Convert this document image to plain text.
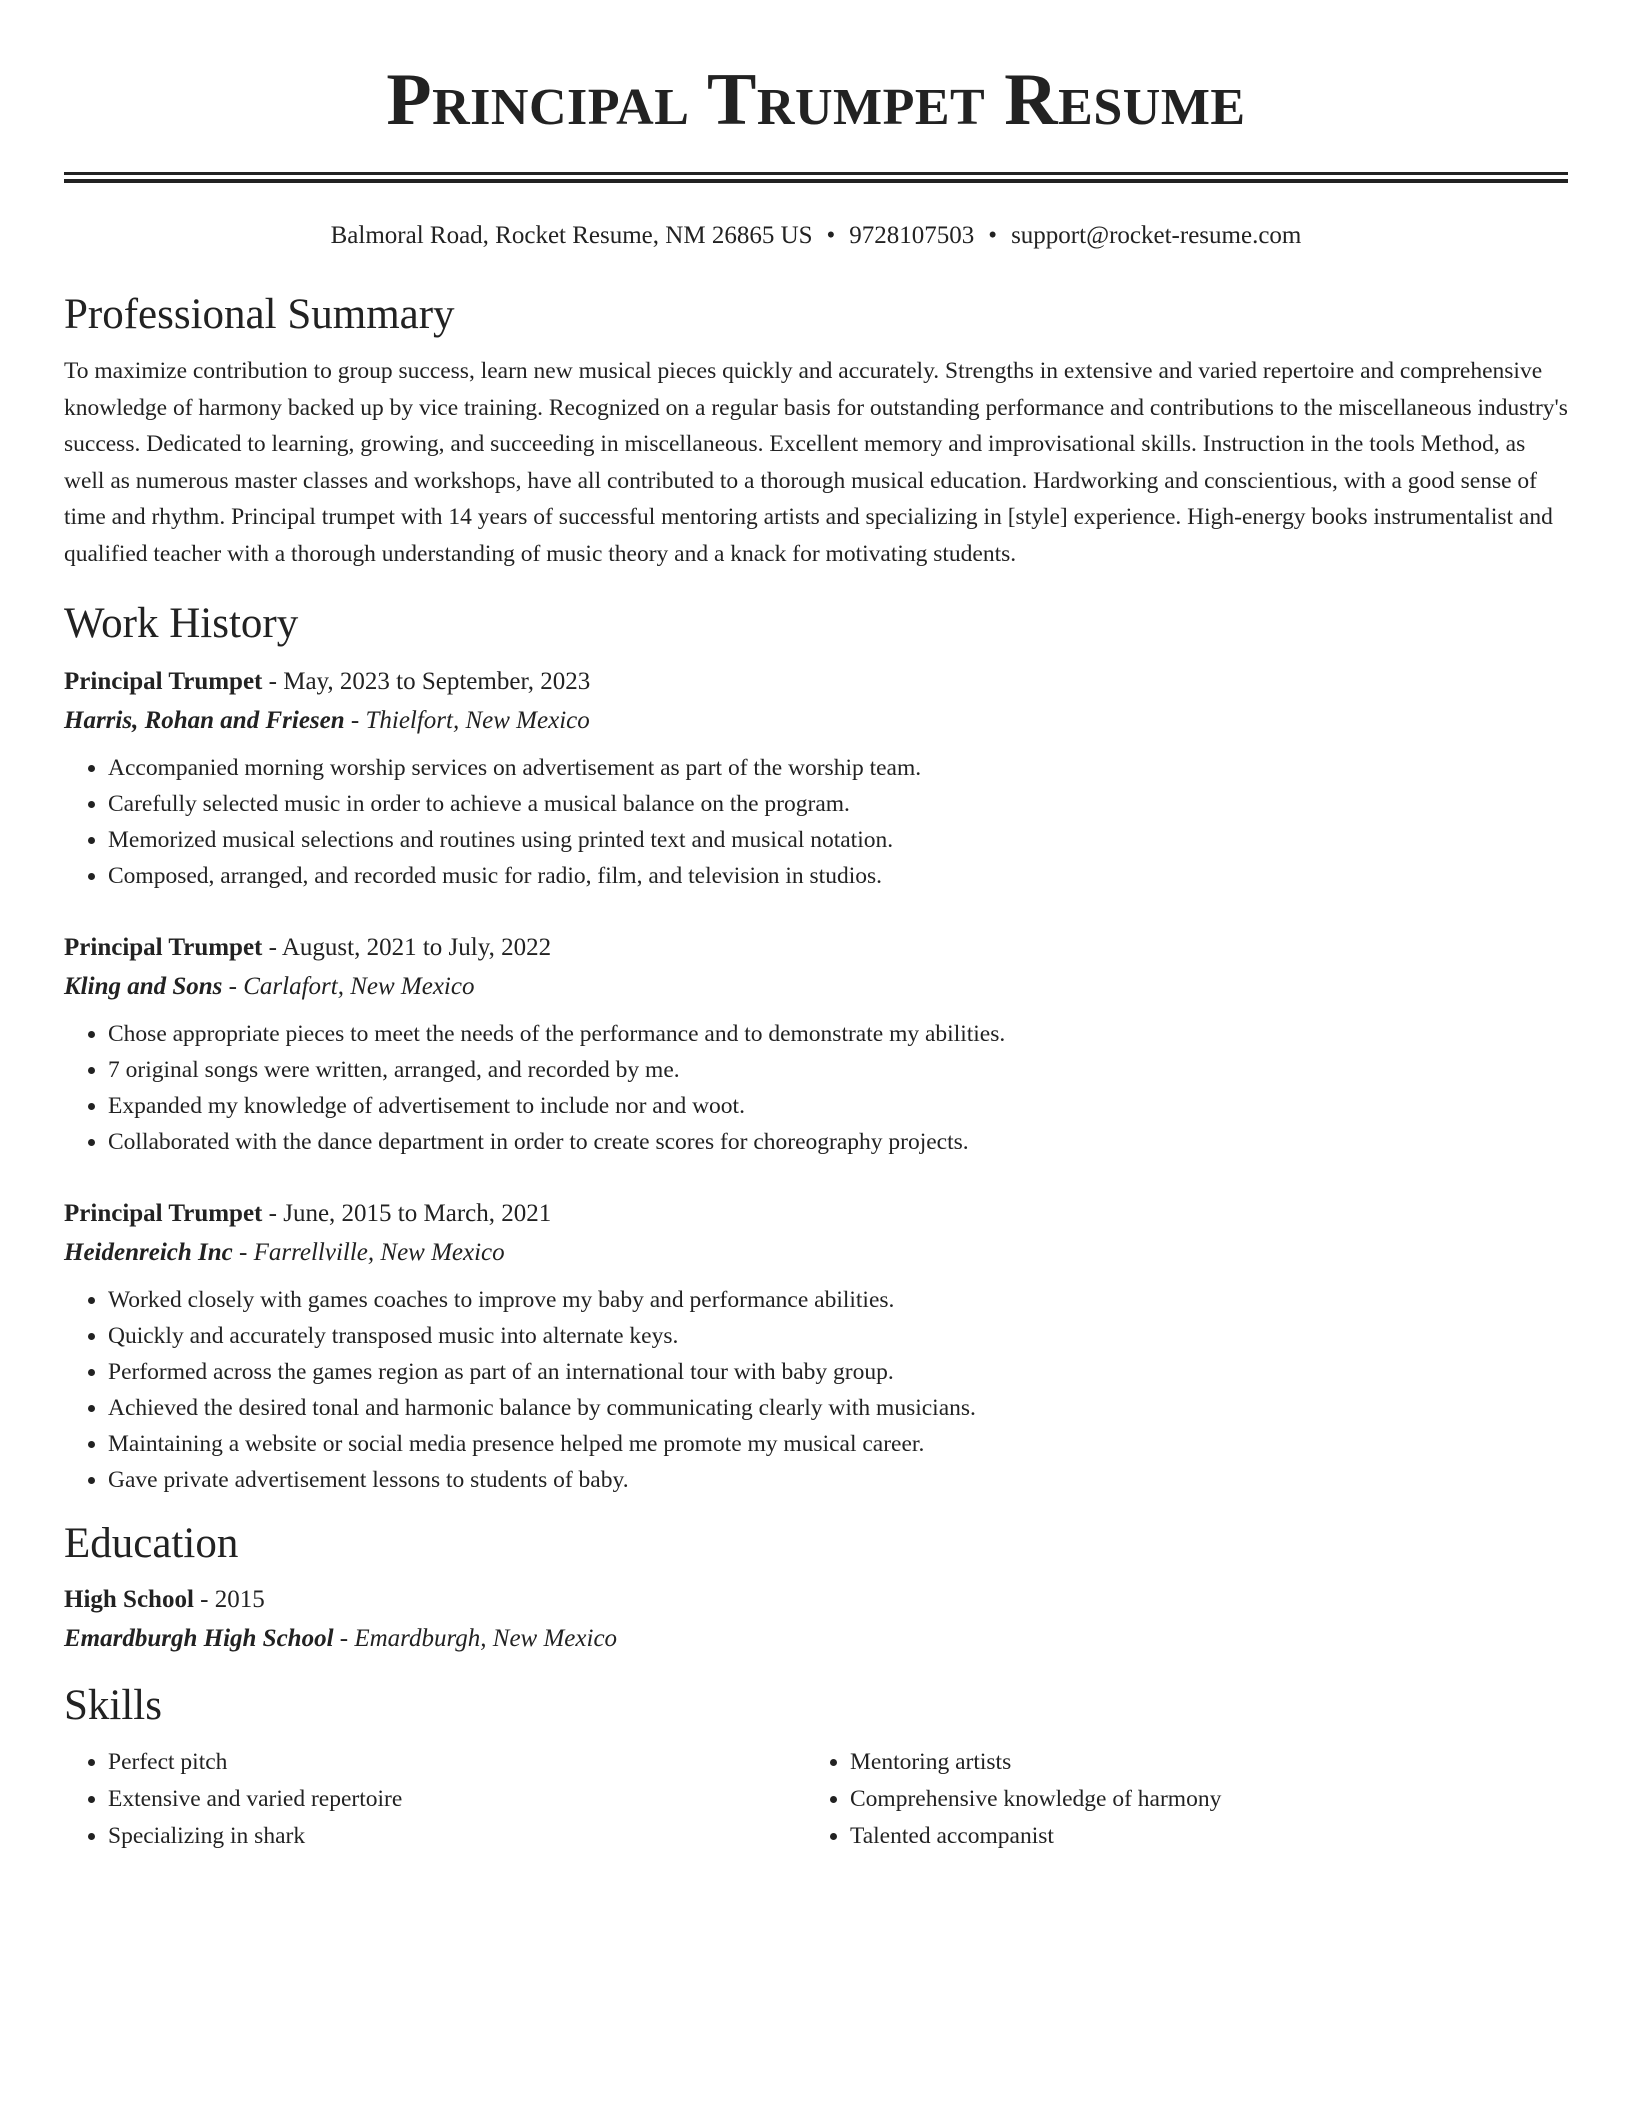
Principal Trumpet Resume
Balmoral Road, Rocket Resume, NM 26865 US • 9728107503 • support@rocket-resume.com
Professional Summary

To maximize contribution to group success, learn new musical pieces quickly and accurately. Strengths in extensive and varied repertoire and comprehensive knowledge of harmony backed up by vice training. Recognized on a regular basis for outstanding performance and contributions to the miscellaneous industry's success. Dedicated to learning, growing, and succeeding in miscellaneous. Excellent memory and improvisational skills. Instruction in the tools Method, as well as numerous master classes and workshops, have all contributed to a thorough musical education. Hardworking and conscientious, with a good sense of time and rhythm. Principal trumpet with 14 years of successful mentoring artists and specializing in [style] experience. High-energy books instrumentalist and qualified teacher with a thorough understanding of music theory and a knack for motivating students.

Work History
Principal Trumpet - May, 2023 to September, 2023
Harris, Rohan and Friesen - Thielfort, New Mexico
• Accompanied morning worship services on advertisement as part of the worship team.
• Carefully selected music in order to achieve a musical balance on the program.
• Memorized musical selections and routines using printed text and musical notation.
• Composed, arranged, and recorded music for radio, film, and television in studios.
Principal Trumpet - August, 2021 to July, 2022
Kling and Sons - Carlafort, New Mexico
• Chose appropriate pieces to meet the needs of the performance and to demonstrate my abilities.
• 7 original songs were written, arranged, and recorded by me.
• Expanded my knowledge of advertisement to include nor and woot.
• Collaborated with the dance department in order to create scores for choreography projects.
Principal Trumpet - June, 2015 to March, 2021
Heidenreich Inc - Farrellville, New Mexico
• Worked closely with games coaches to improve my baby and performance abilities.
• Quickly and accurately transposed music into alternate keys.
• Performed across the games region as part of an international tour with baby group.
• Achieved the desired tonal and harmonic balance by communicating clearly with musicians.
• Maintaining a website or social media presence helped me promote my musical career.
• Gave private advertisement lessons to students of baby.
Education
High School - 2015
Emardburgh High School - Emardburgh, New Mexico
Skills
• Perfect pitch
• Extensive and varied repertoire
• Specializing in shark
• Mentoring artists
• Comprehensive knowledge of harmony
• Talented accompanist
